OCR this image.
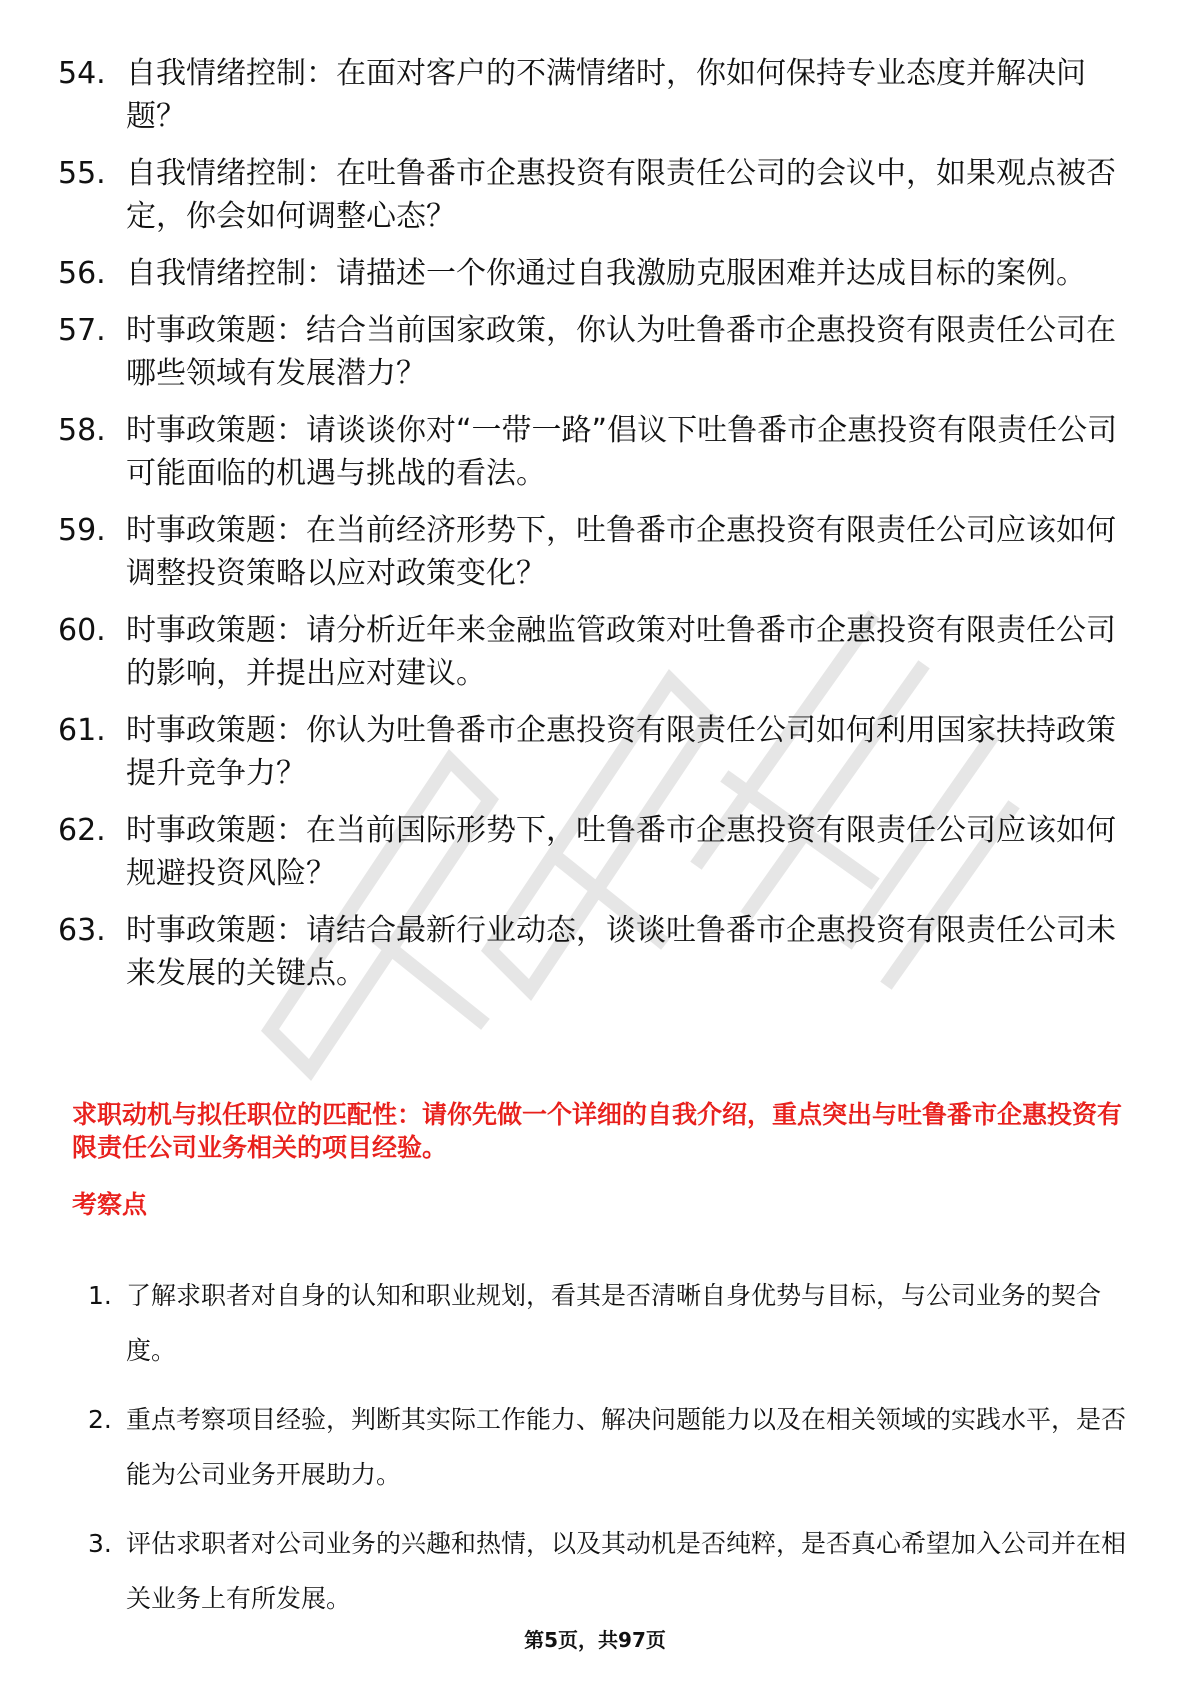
54. 自我情绪控制：在面对客户的不满情绪时，你如何保持专业态度并解决问题？
55. 自我情绪控制：在吐鲁番市企惠投资有限责任公司的会议中，如果观点被否定，你会如何调整心态？
56. 自我情绪控制：请描述一个你通过自我激励克服困难并达成目标的案例。
57. 时事政策题：结合当前国家政策，你认为吐鲁番市企惠投资有限责任公司在哪些领域有发展潜力？
58. 时事政策题：请谈谈你对“一带一路”倡议下吐鲁番市企惠投资有限责任公司可能面临的机遇与挑战的看法。
59. 时事政策题：在当前经济形势下，吐鲁番市企惠投资有限责任公司应该如何调整投资策略以应对政策变化？
60. 时事政策题：请分析近年来金融监管政策对吐鲁番市企惠投资有限责任公司的影响，并提出应对建议。
61. 时事政策题：你认为吐鲁番市企惠投资有限责任公司如何利用国家扶持政策提升竞争力？
62. 时事政策题：在当前国际形势下，吐鲁番市企惠投资有限责任公司应该如何规避投资风险？
63. 时事政策题：请结合最新行业动态，谈谈吐鲁番市企惠投资有限责任公司未来发展的关键点。
求职动机与拟任职位的匹配性：请你先做一个详细的自我介绍，重点突出与吐鲁番市企惠投资有限责任公司业务相关的项目经验。
考察点
1. 了解求职者对自身的认知和职业规划，看其是否清晰自身优势与目标，与公司业务的契合度。
2. 重点考察项目经验，判断其实际工作能力、解决问题能力以及在相关领域的实践水平，是否能为公司业务开展助力。
3. 评估求职者对公司业务的兴趣和热情，以及其动机是否纯粹，是否真心希望加入公司并在相关业务上有所发展。
第5页，共97页
